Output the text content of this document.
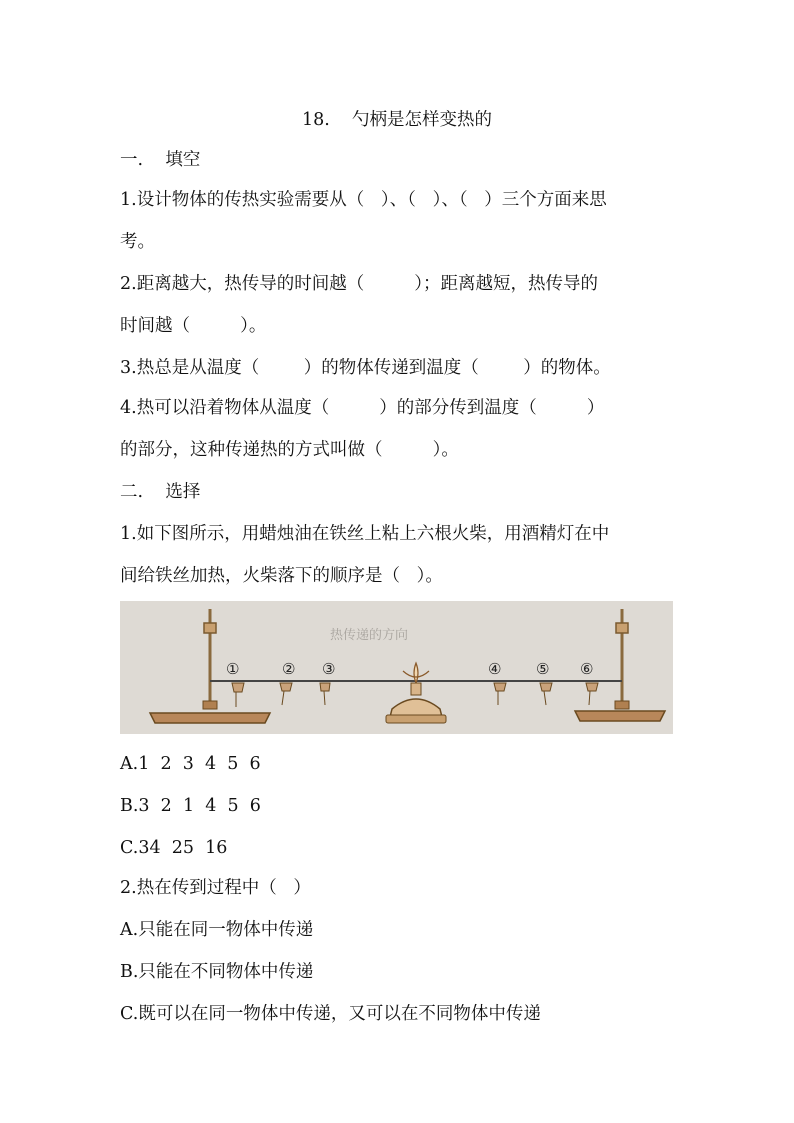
18.    勺柄是怎样变热的
一.    填空
1.设计物体的传热实验需要从（   ）、（   ）、（   ）三个方面来思
考。
2.距离越大，热传导的时间越（         ）；距离越短，热传导的
时间越（         ）。
3.热总是从温度（        ）的物体传递到温度（        ）的物体。
4.热可以沿着物体从温度（         ）的部分传到温度（         ）
的部分，这种传递热的方式叫做（         ）。
二.    选择
1.如下图所示，用蜡烛油在铁丝上粘上六根火柴，用酒精灯在中
间给铁丝加热，火柴落下的顺序是（   ）。
热传递的方向
①	② ③	④ ⑤ ⑥
A.1  2  3  4  5  6
B.3  2  1  4  5  6
C.34  25  16
2.热在传到过程中（   ）
A.只能在同一物体中传递
B.只能在不同物体中传递
C.既可以在同一物体中传递，又可以在不同物体中传递
